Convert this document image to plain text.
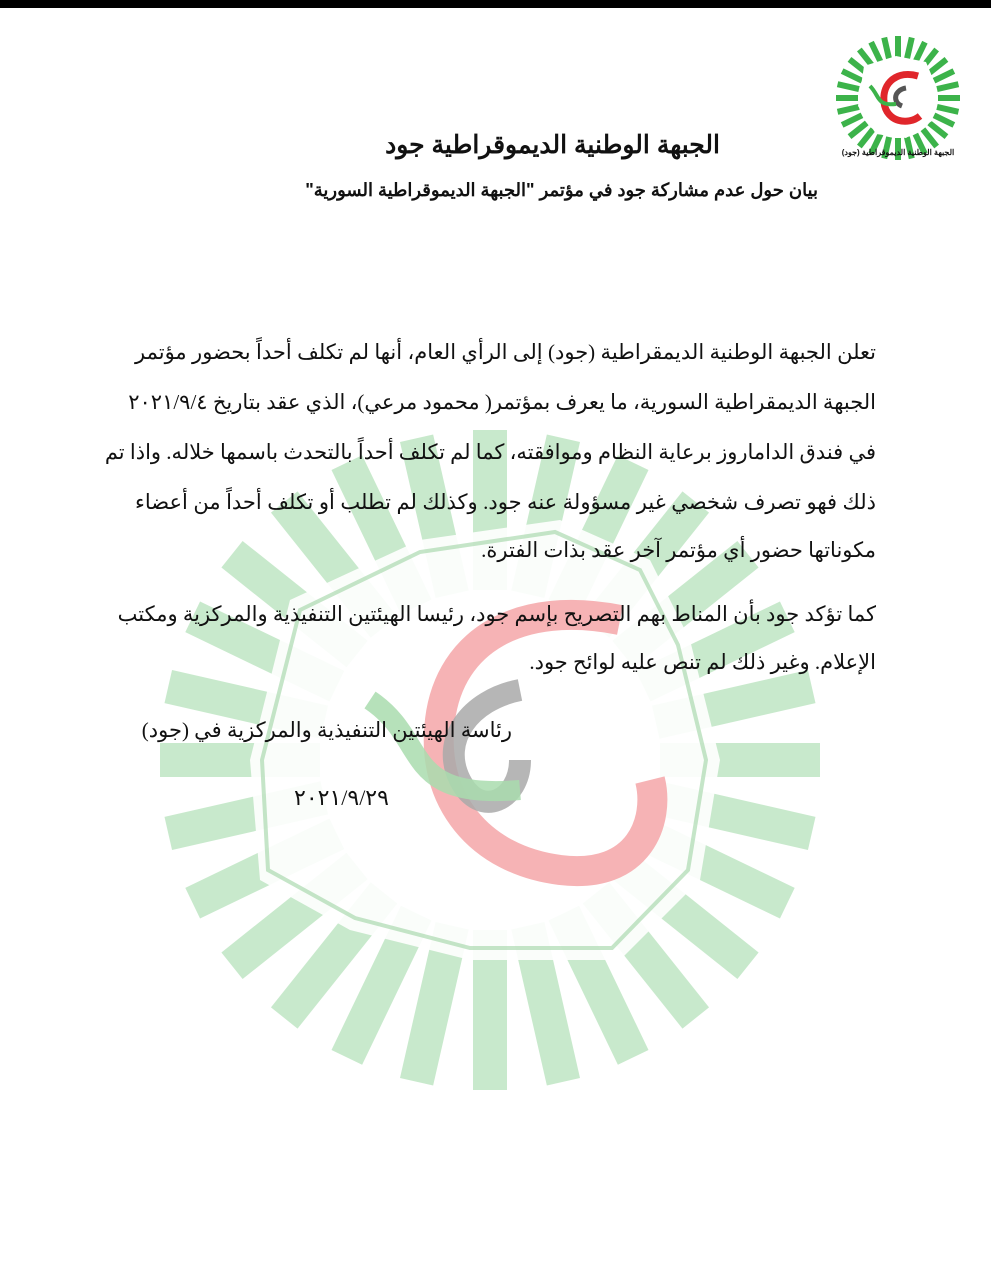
الجبهة الوطنية الديموقراطية (جود)
الجبهة الوطنية الديموقراطية جود
بيان حول عدم مشاركة جود في مؤتمر "الجبهة الديموقراطية السورية"
تعلن الجبهة الوطنية الديمقراطية (جود) إلى الرأي العام، أنها لم تكلف أحداً بحضور مؤتمر
الجبهة الديمقراطية السورية، ما يعرف بمؤتمر( محمود مرعي)، الذي عقد بتاريخ ٢٠٢١/٩/٤
في فندق الداماروز برعاية النظام وموافقته، كما لم تكلف أحداً بالتحدث باسمها خلاله. واذا تم
ذلك فهو تصرف شخصي غير مسؤولة عنه جود. وكذلك لم تطلب أو تكلف أحداً من أعضاء
مكوناتها حضور أي مؤتمر آخر عقد بذات الفترة.
كما تؤكد جود بأن المناط بهم التصريح بإسم جود، رئيسا الهيئتين التنفيذية والمركزية ومكتب
الإعلام. وغير ذلك لم تنص عليه لوائح جود.
رئاسة الهيئتين التنفيذية والمركزية في (جود)
٢٠٢١/٩/٢٩
